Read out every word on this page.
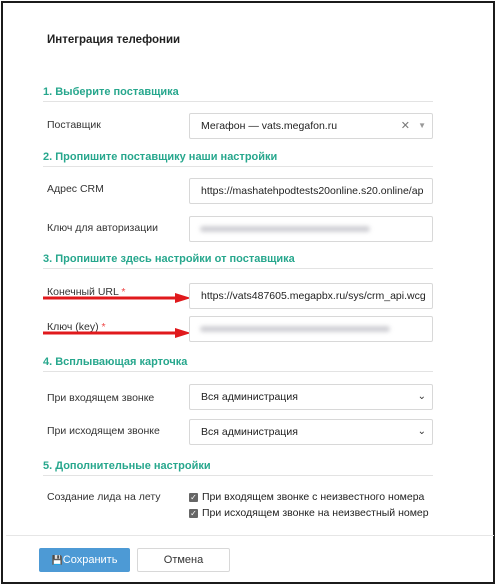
Интеграция телефонии
1. Выберите поставщика
Поставщик	Мегафон — vats.megafon.ru	✕ ▼
2. Пропишите поставщику наши настройки
Адрес CRM	https://mashatehpodtests20online.s20.online/ap
Ключ для авторизации
3. Пропишите здесь настройки от поставщика
Конечный URL *	https://vats487605.megapbx.ru/sys/crm_api.wcg
Ключ (key) *
4. Всплывающая карточка
При входящем звонке	Вся администрация	⌄
При исходящем звонке	Вся администрация	⌄
5. Дополнительные настройки
Создание лида на лету	✓ При входящем звонке с неизвестного номера
✓ При исходящем звонке на неизвестный номер
💾Сохранить	Отмена
